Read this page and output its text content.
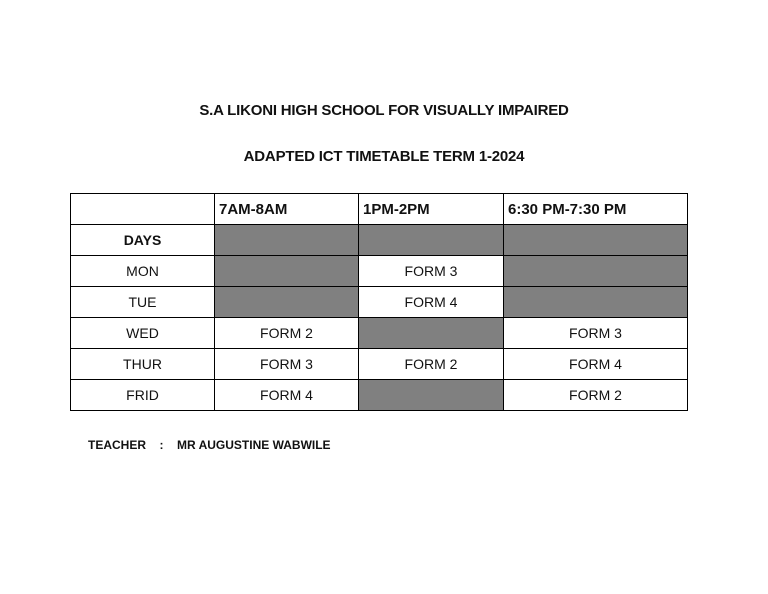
S.A LIKONI HIGH SCHOOL FOR VISUALLY IMPAIRED
ADAPTED ICT TIMETABLE TERM 1-2024
	7AM-8AM	1PM-2PM	6:30 PM-7:30 PM
DAYS			
MON		FORM 3	
TUE		FORM 4	
WED	FORM 2		FORM 3
THUR	FORM 3	FORM 2	FORM 4
FRID	FORM 4		FORM 2
TEACHER : MR AUGUSTINE WABWILE
